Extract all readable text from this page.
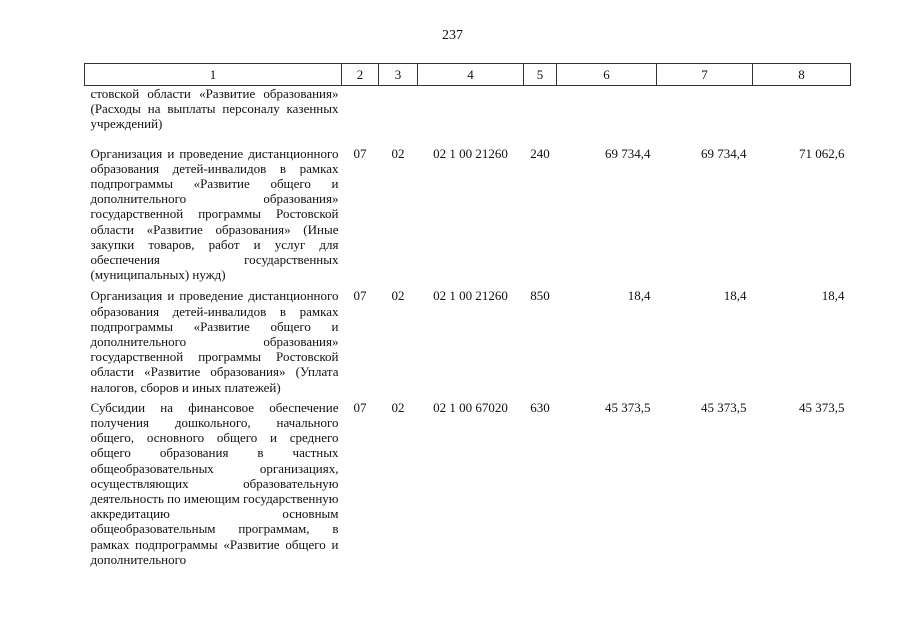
237
1	2	3	4	5	6	7	8
стовской области «Развитие образования» (Расходы на выплаты персоналу казенных учреждений)							
Организация и проведение дистанционного образования детей-инвалидов в рамках подпрограммы «Развитие общего и дополнительного образования» государственной программы Ростовской области «Развитие образования» (Иные закупки товаров, работ и услуг для обеспечения государственных (муниципальных) нужд)	07	02	02 1 00 21260	240	69 734,4	69 734,4	71 062,6
Организация и проведение дистанционного образования детей-инвалидов в рамках подпрограммы «Развитие общего и дополнительного образования» государственной программы Ростовской области «Развитие образования» (Уплата налогов, сборов и иных платежей)	07	02	02 1 00 21260	850	18,4	18,4	18,4
Субсидии на финансовое обеспечение получения дошкольного, начального общего, основного общего и среднего общего образования в частных общеобразовательных организациях, осуществляющих образовательную деятельность по имеющим государственную аккредитацию основным общеобразовательным программам, в рамках подпрограммы «Развитие общего и дополнительного	07	02	02 1 00 67020	630	45 373,5	45 373,5	45 373,5
